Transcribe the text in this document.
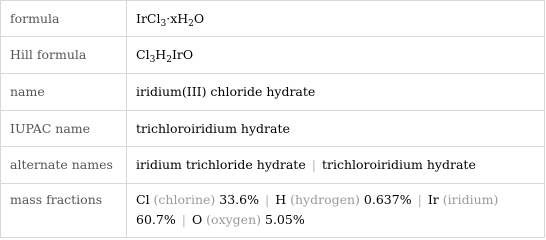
formula	$IrCl_3\cdot xH_2O$
Hill formula	$Cl_3H_2IrO$
name	iridium(III) chloride hydrate
IUPAC name	trichloroiridium hydrate
alternate names	iridium trichloride hydrate | trichloroiridium hydrate
mass fractions	Cl (chlorine) 33.6% | H (hydrogen) 0.637% | Ir (iridium) 60.7% | O (oxygen) 5.05%
